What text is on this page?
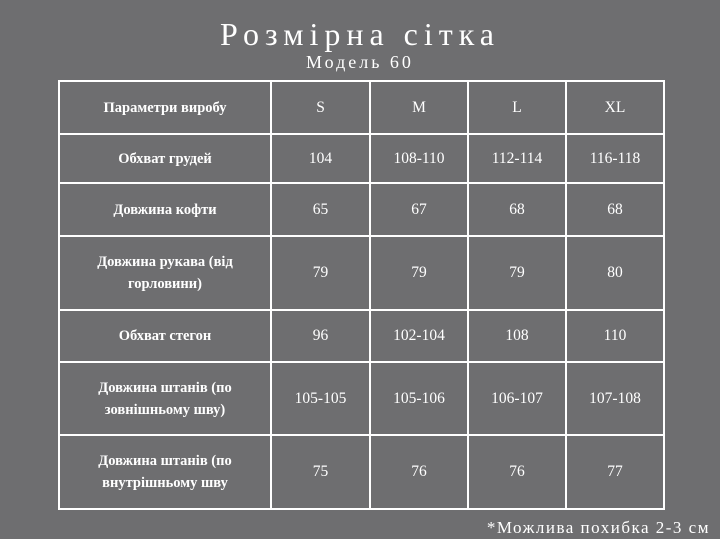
Розмірна сітка
Модель 60
Параметри виробу	S	M	L	XL
Обхват грудей	104	108-110	112-114	116-118
Довжина кофти	65	67	68	68
Довжина рукава (від горловини)	79	79	79	80
Обхват стегон	96	102-104	108	110
Довжина штанів (по зовнішньому шву)	105-105	105-106	106-107	107-108
Довжина штанів (по внутрішньому шву	75	76	76	77
*Можлива похибка 2-3 см
